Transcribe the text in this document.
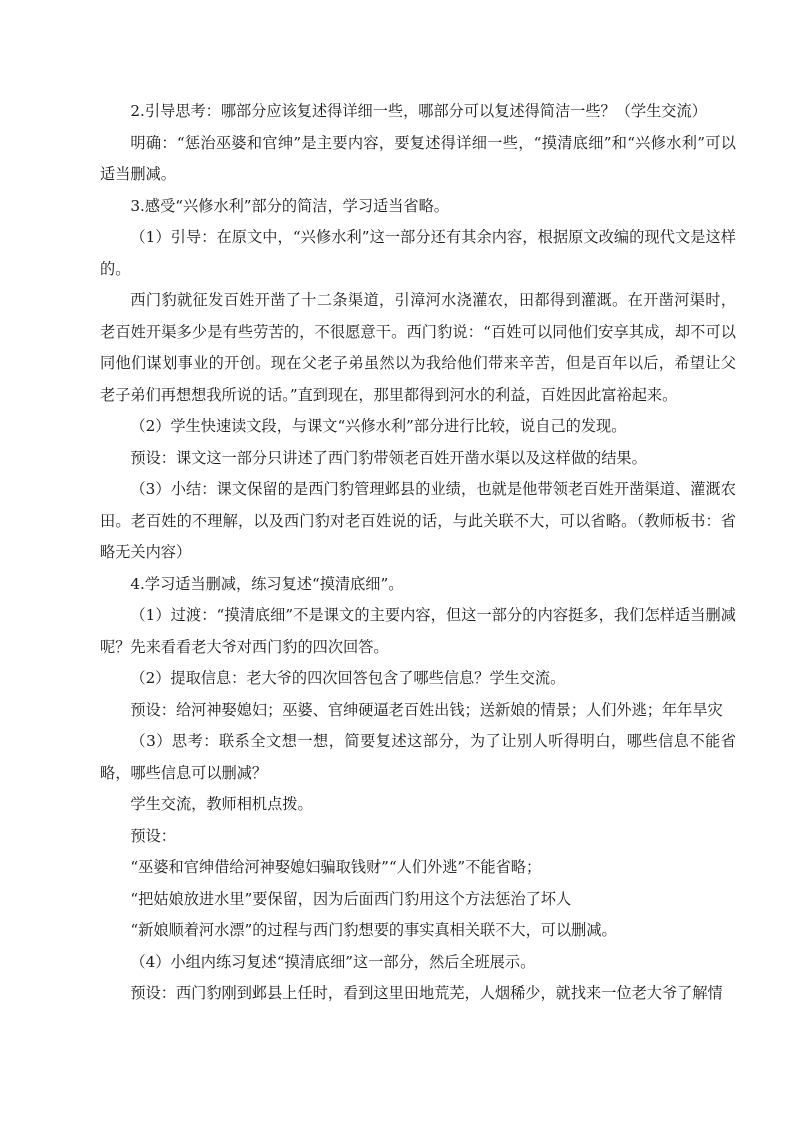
2.引导思考：哪部分应该复述得详细一些，哪部分可以复述得简洁一些？（学生交流）

明确：“惩治巫婆和官绅”是主要内容，要复述得详细一些，“摸清底细”和“兴修水利”可以适当删减。

3.感受“兴修水利”部分的简洁，学习适当省略。

（1）引导：在原文中，“兴修水利”这一部分还有其余内容，根据原文改编的现代文是这样的。

西门豹就征发百姓开凿了十二条渠道，引漳河水浇灌农，田都得到灌溉。在开凿河渠时，老百姓开渠多少是有些劳苦的，不很愿意干。西门豹说：“百姓可以同他们安享其成，却不可以同他们谋划事业的开创。现在父老子弟虽然以为我给他们带来辛苦，但是百年以后，希望让父老子弟们再想想我所说的话。”直到现在，那里都得到河水的利益，百姓因此富裕起来。

（2）学生快速读文段，与课文“兴修水利”部分进行比较，说自己的发现。

预设：课文这一部分只讲述了西门豹带领老百姓开凿水渠以及这样做的结果。

（3）小结：课文保留的是西门豹管理邺县的业绩，也就是他带领老百姓开凿渠道、灌溉农田。老百姓的不理解，以及西门豹对老百姓说的话，与此关联不大，可以省略。（教师板书：省略无关内容）

4.学习适当删减，练习复述“摸清底细”。

（1）过渡：“摸清底细”不是课文的主要内容，但这一部分的内容挺多，我们怎样适当删减呢？先来看看老大爷对西门豹的四次回答。

（2）提取信息：老大爷的四次回答包含了哪些信息？学生交流。

预设：给河神娶媳妇；巫婆、官绅硬逼老百姓出钱；送新娘的情景；人们外逃；年年旱灾

（3）思考：联系全文想一想，简要复述这部分，为了让别人听得明白，哪些信息不能省略，哪些信息可以删减？

学生交流，教师相机点拨。

预设：

“巫婆和官绅借给河神娶媳妇骗取钱财”“人们外逃”不能省略；

“把姑娘放进水里”要保留，因为后面西门豹用这个方法惩治了坏人

“新娘顺着河水漂”的过程与西门豹想要的事实真相关联不大，可以删减。

（4）小组内练习复述“摸清底细”这一部分，然后全班展示。

预设：西门豹刚到邺县上任时，看到这里田地荒芜，人烟稀少，就找来一位老大爷了解情
